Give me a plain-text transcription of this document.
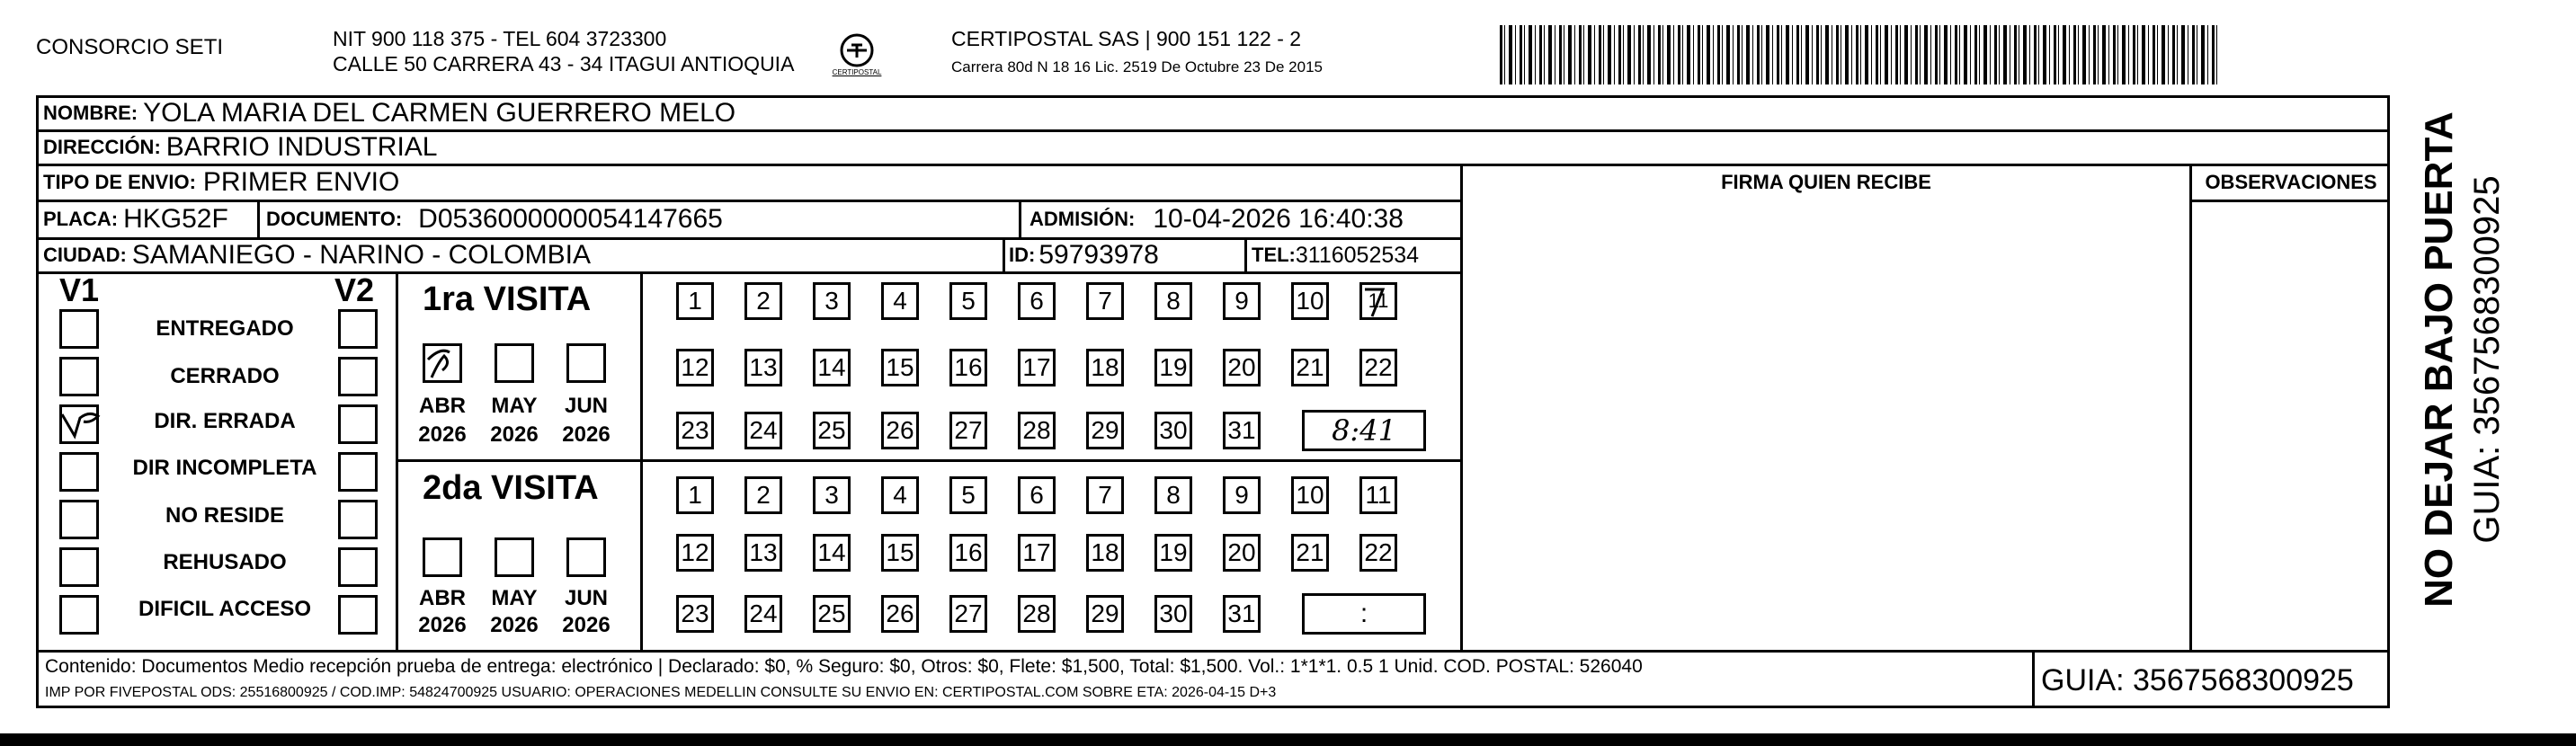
CONSORCIO SETI	NIT 900 118 375 - TEL 604 3723300
CALLE 50 CARRERA 43 - 34 ITAGUI ANTIOQUIA	CERTIPOSTAL
CERTIPOSTAL SAS | 900 151 122 - 2
Carrera 80d N 18 16 Lic. 2519 De Octubre 23 De 2015
NOMBRE: YOLA MARIA DEL CARMEN GUERRERO MELO
DIRECCIÓN: BARRIO INDUSTRIAL
TIPO DE ENVIO: PRIMER ENVIO	FIRMA QUIEN RECIBE	OBSERVACIONES
PLACA: HKG52F DOCUMENTO: D0536000000054147665	ADMISIÓN: 10-04-2026 16:40:38
CIUDAD: SAMANIEGO - NARINO - COLOMBIA	ID: 59793978	TEL: 3116052534
V1	V2
ENTREGADO
CERRADO
DIR. ERRADA
DIR INCOMPLETA
NO RESIDE
REHUSADO
DIFICIL ACCESO
1ra VISITA
ABR MAY	JUN
2026 2026 2026
1	2	3	4	5	6	7	8	9	10 11
12 13 14 15 16 17 18 19 20 21 22
23 24 25 26 27 28 29 30 31	8:41
2da VISITA
ABR MAY	JUN
2026 2026 2026
1	2	3	4	5	6	7	8	9	10 11
12 13 14 15 16 17 18 19 20 21 22
23 24 25 26 27 28 29 30 31	:
Contenido: Documentos Medio recepción prueba de entrega: electrónico | Declarado: $0, % Seguro: $0, Otros: $0, Flete: $1,500, Total: $1,500. Vol.: 1*1*1. 0.5 1 Unid. COD. POSTAL: 526040
IMP POR FIVEPOSTAL ODS: 25516800925 / COD.IMP: 54824700925 USUARIO: OPERACIONES MEDELLIN CONSULTE SU ENVIO EN: CERTIPOSTAL.COM SOBRE ETA: 2026-04-15 D+3	GUIA: 3567568300925
NO DEJAR BAJO PUERTA GUIA: 3567568300925
